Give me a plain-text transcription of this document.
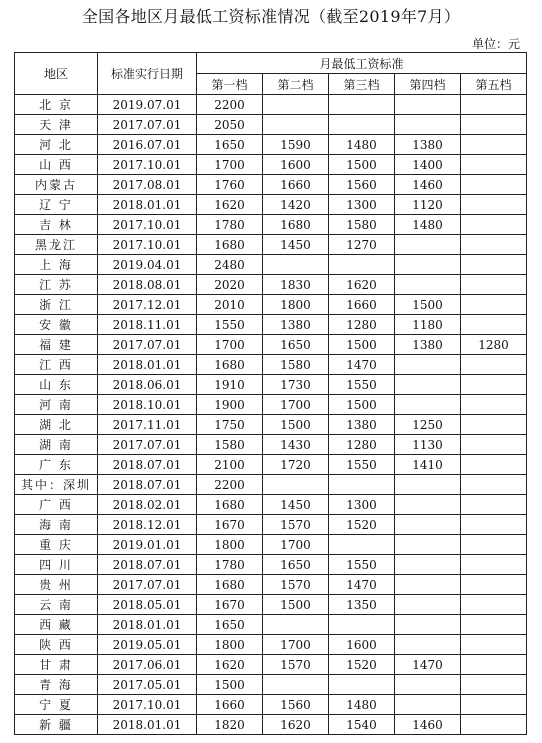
全国各地区月最低工资标准情况（截至2019年7月）
单位：元
地区	标准实行日期	月最低工资标准				
		第一档	第二档	第三档	第四档	第五档
北 京	2019.07.01	2200				
天 津	2017.07.01	2050				
河 北	2016.07.01	1650	1590	1480	1380	
山 西	2017.10.01	1700	1600	1500	1400	
内蒙古	2017.08.01	1760	1660	1560	1460	
辽 宁	2018.01.01	1620	1420	1300	1120	
吉 林	2017.10.01	1780	1680	1580	1480	
黑龙江	2017.10.01	1680	1450	1270		
上 海	2019.04.01	2480				
江 苏	2018.08.01	2020	1830	1620		
浙 江	2017.12.01	2010	1800	1660	1500	
安 徽	2018.11.01	1550	1380	1280	1180	
福 建	2017.07.01	1700	1650	1500	1380	1280
江 西	2018.01.01	1680	1580	1470		
山 东	2018.06.01	1910	1730	1550		
河 南	2018.10.01	1900	1700	1500		
湖 北	2017.11.01	1750	1500	1380	1250	
湖 南	2017.07.01	1580	1430	1280	1130	
广 东	2018.07.01	2100	1720	1550	1410	
其中：深圳	2018.07.01	2200				
广 西	2018.02.01	1680	1450	1300		
海 南	2018.12.01	1670	1570	1520		
重 庆	2019.01.01	1800	1700			
四 川	2018.07.01	1780	1650	1550		
贵 州	2017.07.01	1680	1570	1470		
云 南	2018.05.01	1670	1500	1350		
西 藏	2018.01.01	1650				
陕 西	2019.05.01	1800	1700	1600		
甘 肃	2017.06.01	1620	1570	1520	1470	
青 海	2017.05.01	1500				
宁 夏	2017.10.01	1660	1560	1480		
新 疆	2018.01.01	1820	1620	1540	1460	
